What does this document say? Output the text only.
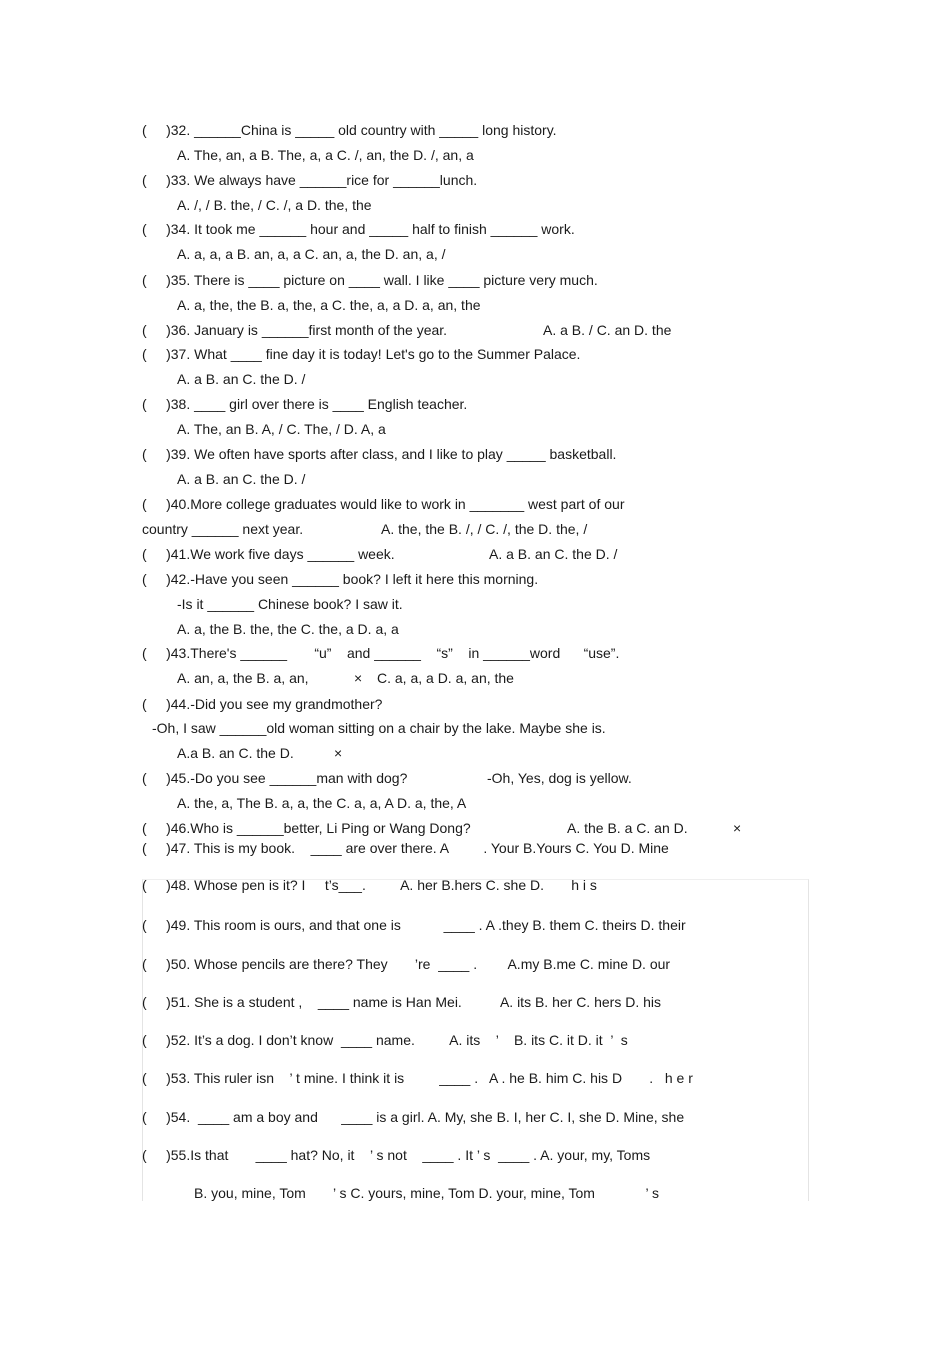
(     )32. ______China is _____ old country with _____ long history.
A. The, an, a B. The, a, a C. /, an, the D. /, an, a
(     )33. We always have ______rice for ______lunch.
A. /, / B. the, / C. /, a D. the, the
(     )34. It took me ______ hour and _____ half to finish ______ work.
A. a, a, a B. an, a, a C. an, a, the D. an, a, /
(     )35. There is ____ picture on ____ wall. I like ____ picture very much.
A. a, the, the B. a, the, a C. the, a, a D. a, an, the
(     )36. January is ______first month of the year.	A. a B. / C. an D. the
(     )37. What ____ fine day it is today! Let's go to the Summer Palace.
A. a B. an C. the D. /
(     )38. ____ girl over there is ____ English teacher.
A. The, an B. A, / C. The, / D. A, a
(     )39. We often have sports after class, and I like to play _____ basketball.
A. a B. an C. the D. /
(     )40.More college graduates would like to work in _______ west part of our
country ______ next year.	A. the, the B. /, / C. /, the D. the, /
(     )41.We work five days ______ week.	A. a B. an C. the D. /
(     )42.-Have you seen ______ book? I left it here this morning.
-Is it ______ Chinese book? I saw it.
A. a, the B. the, the C. the, a D. a, a
(     )43.There's ______       “u”    and ______    “s”    in ______word      “use”.
A. an, a, the B. a, an,	× C. a, a, a D. a, an, the
(     )44.-Did you see my grandmother?
-Oh, I saw ______old woman sitting on a chair by the lake. Maybe she is.
A.a B. an C. the D.	×
(     )45.-Do you see ______man with dog?	-Oh, Yes, dog is yellow.
A. the, a, The B. a, a, the C. a, a, A D. a, the, A
(     )46.Who is ______better, Li Ping or Wang Dong?	A. the B. a C. an D.	×
(     )47. This is my book.    ____ are over there. A         . Your B.Yours C. You D. Mine
(     )48. Whose pen is it? I     t’s___.         A. her B.hers C. she D.       h i s
(     )49. This room is ours, and that one is           ____ . A .they B. them C. theirs D. their
(     )50. Whose pencils are there? They       ’re  ____ .        A.my B.me C. mine D. our
(     )51. She is a student ,    ____ name is Han Mei.          A. its B. her C. hers D. his
(     )52. It’s a dog. I don’t know  ____ name.         A. its    ’    B. its C. it D. it  ’  s
(     )53. This ruler isn    ’ t mine. I think it is         ____ .   A . he B. him C. his D       .   h e r
(     )54.  ____ am a boy and      ____ is a girl. A. My, she B. I, her C. I, she D. Mine, she
(     )55.Is that       ____ hat? No, it    ’ s not    ____ . It ’ s  ____ . A. your, my, Toms
B. you, mine, Tom       ’ s C. yours, mine, Tom D. your, mine, Tom             ’ s
